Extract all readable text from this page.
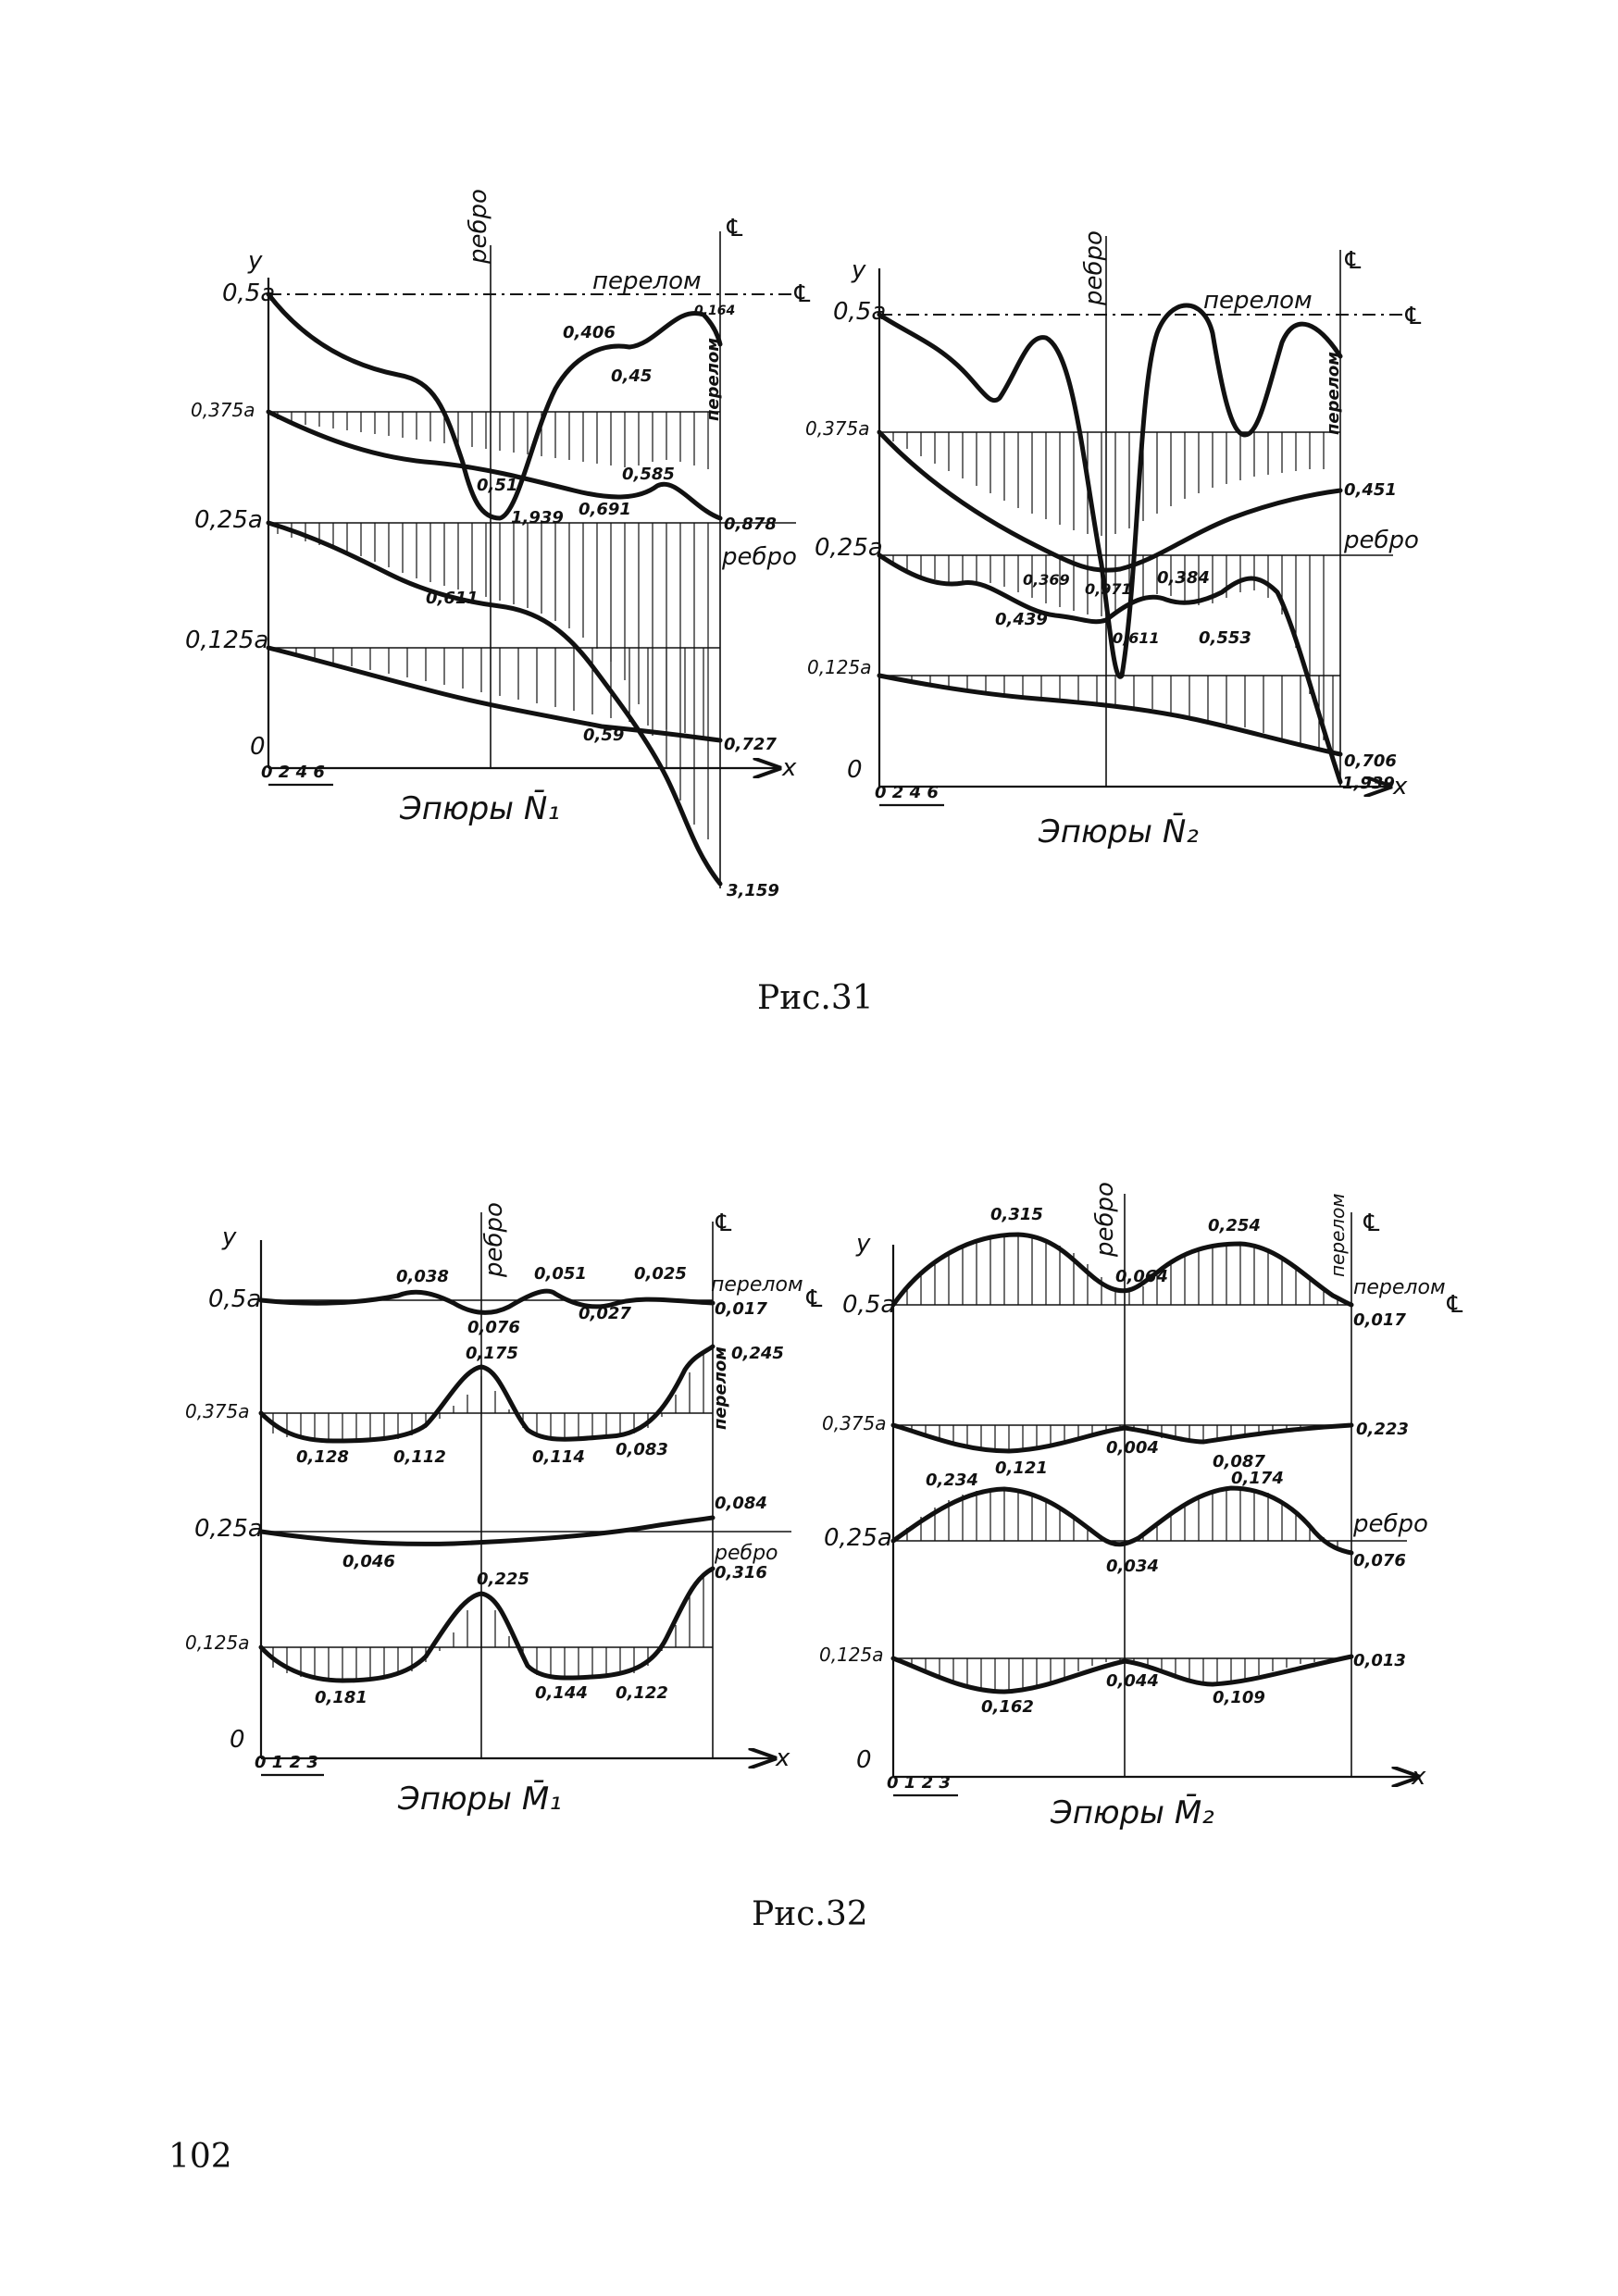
y
x
0,5a
0,375a
0,25a
0,125a
0
0 2 4 6
ребро	℄
℄
перелом
перелом
ребро
0,406
0,45
0,164
0,51
1,939 0,691
0,585
0,878
0,611
0,59	0,727
3,159
Эпюры N̄₁
y
x
0,5a
0,375a
0,25a
0,125a
0
0 2 4 6
ребро	℄
℄
перелом
перелом
ребро
0,451
0,369
0,971
0,384
0,439
0,611 0,553
0,706
1,939
Эпюры N̄₂
Рис.31
y
x
0,5a
0,375a
0,25a
0,125a
0
0 1 2 3
ребро	℄
℄
перелом
перелом
ребро
0,038	0,051	0,025
0,017
0,076
0,027
0,175	0,245
0,128	0,112	0,114 0,083
0,084
0,046
0,225	0,316
0,181	0,144 0,122
Эпюры M̄₁
y
x
0,5a
0,375a
0,25a
0,125a
0
0 1 2 3
ребро	℄
℄
перелом
перелом
ребро
0,315
0,254
0,064
0,017
0,004
0,223
0,121	0,087
0,234	0,174
0,034	0,076
0,044
0,013
0,162	0,109
Эпюры M̄₂
Рис.32
102
